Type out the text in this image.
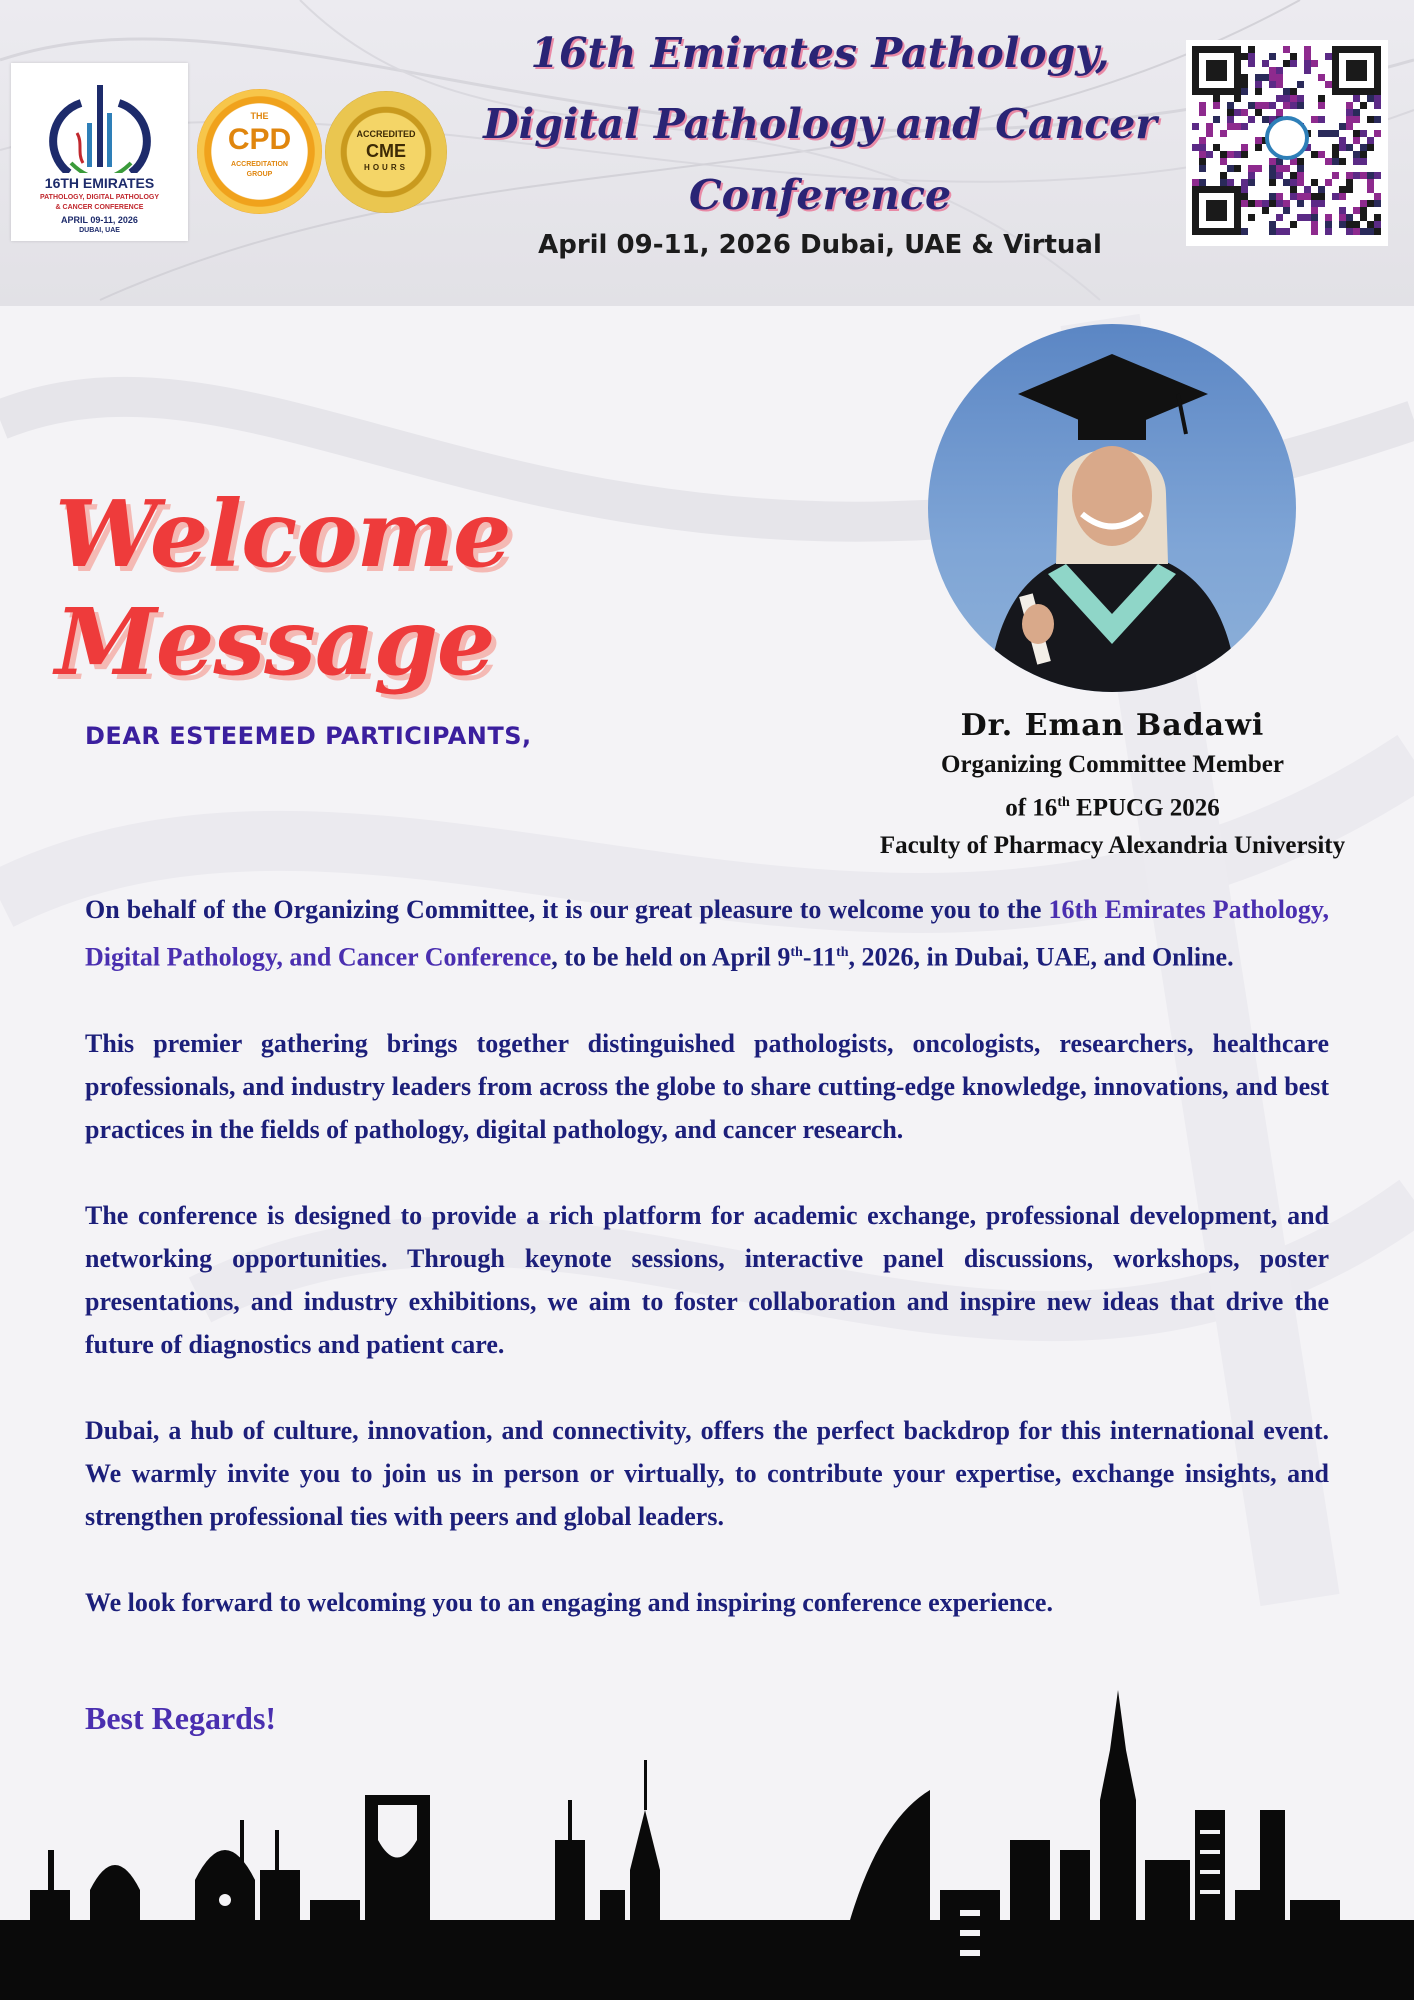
16TH EMIRATES
PATHOLOGY, DIGITAL PATHOLOGY
& CANCER CONFERENCE
APRIL 09-11, 2026
DUBAI, UAE
THE
CPD
ACCREDITATION
GROUP
ACCREDITED
CME
HOURS
16th Emirates Pathology,
Digital Pathology and Cancer
Conference
April 09-11, 2026 Dubai, UAE & Virtual
Welcome Message
DEAR ESTEEMED PARTICIPANTS,	Dr. Eman Badawi
Organizing Committee Member
of 16th EPUCG 2026
Faculty of Pharmacy Alexandria University

On behalf of the Organizing Committee, it is our great pleasure to welcome you to the 16th Emirates Pathology, Digital Pathology, and Cancer Conference, to be held on April 9th-11th, 2026, in Dubai, UAE, and Online.

This premier gathering brings together distinguished pathologists, oncologists, researchers, healthcare professionals, and industry leaders from across the globe to share cutting-edge knowledge, innovations, and best practices in the fields of pathology, digital pathology, and cancer research.

The conference is designed to provide a rich platform for academic exchange, professional development, and networking opportunities. Through keynote sessions, interactive panel discussions, workshops, poster presentations, and industry exhibitions, we aim to foster collaboration and inspire new ideas that drive the future of diagnostics and patient care.

Dubai, a hub of culture, innovation, and connectivity, offers the perfect backdrop for this international event. We warmly invite you to join us in person or virtually, to contribute your expertise, exchange insights, and strengthen professional ties with peers and global leaders.

We look forward to welcoming you to an engaging and inspiring conference experience.

Best Regards!
